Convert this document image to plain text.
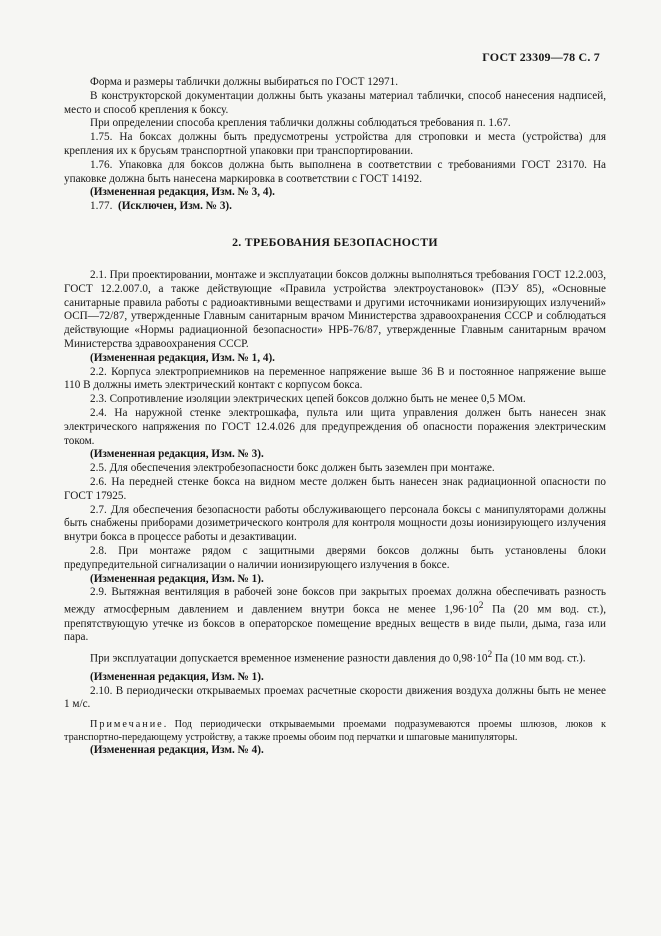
ГОСТ 23309—78 С. 7

Форма и размеры таблички должны выбираться по ГОСТ 12971.

В конструкторской документации должны быть указаны материал таблички, способ нанесения надписей, место и способ крепления к боксу.

При определении способа крепления таблички должны соблюдаться требования п. 1.67.

1.75. На боксах должны быть предусмотрены устройства для строповки и места (устройства) для крепления их к брусьям транспортной упаковки при транспортировании.

1.76. Упаковка для боксов должна быть выполнена в соответствии с требованиями ГОСТ 23170. На упаковке должна быть нанесена маркировка в соответствии с ГОСТ 14192.

(Измененная редакция, Изм. № 3, 4).

1.77. (Исключен, Изм. № 3).

2. ТРЕБОВАНИЯ БЕЗОПАСНОСТИ

2.1. При проектировании, монтаже и эксплуатации боксов должны выполняться требования ГОСТ 12.2.003, ГОСТ 12.2.007.0, а также действующие «Правила устройства электроустановок» (ПЭУ 85), «Основные санитарные правила работы с радиоактивными веществами и другими источниками ионизирующих излучений» ОСП—72/87, утвержденные Главным санитарным врачом Министерства здравоохранения СССР и соблюдаться действующие «Нормы радиационной безопасности» НРБ-76/87, утвержденные Главным санитарным врачом Министерства здравоохранения СССР.

(Измененная редакция, Изм. № 1, 4).

2.2. Корпуса электроприемников на переменное напряжение выше 36 В и постоянное напряжение выше 110 В должны иметь электрический контакт с корпусом бокса.

2.3. Сопротивление изоляции электрических цепей боксов должно быть не менее 0,5 МОм.

2.4. На наружной стенке электрошкафа, пульта или щита управления должен быть нанесен знак электрического напряжения по ГОСТ 12.4.026 для предупреждения об опасности поражения электрическим током.

(Измененная редакция, Изм. № 3).

2.5. Для обеспечения электробезопасности бокс должен быть заземлен при монтаже.

2.6. На передней стенке бокса на видном месте должен быть нанесен знак радиационной опасности по ГОСТ 17925.

2.7. Для обеспечения безопасности работы обслуживающего персонала боксы с манипуляторами должны быть снабжены приборами дозиметрического контроля для контроля мощности дозы ионизирующего излучения внутри бокса в процессе работы и дезактивации.

2.8. При монтаже рядом с защитными дверями боксов должны быть установлены блоки предупредительной сигнализации о наличии ионизирующего излучения в боксе.

(Измененная редакция, Изм. № 1).

2.9. Вытяжная вентиляция в рабочей зоне боксов при закрытых проемах должна обеспечивать разность между атмосферным давлением и давлением внутри бокса не менее $1,96\cdot 10^2$ Па (20 мм вод. ст.), препятствующую утечке из боксов в операторское помещение вредных веществ в виде пыли, дыма, газа или пара.

При эксплуатации допускается временное изменение разности давления до $0,98\cdot 10^2$ Па (10 мм вод. ст.).

(Измененная редакция, Изм. № 1).

2.10. В периодически открываемых проемах расчетные скорости движения воздуха должны быть не менее 1 м/с.

Примечание. Под периодически открываемыми проемами подразумеваются проемы шлюзов, люков к транспортно-передающему устройству, а также проемы обоим под перчатки и шпаговые манипуляторы.

(Измененная редакция, Изм. № 4).
